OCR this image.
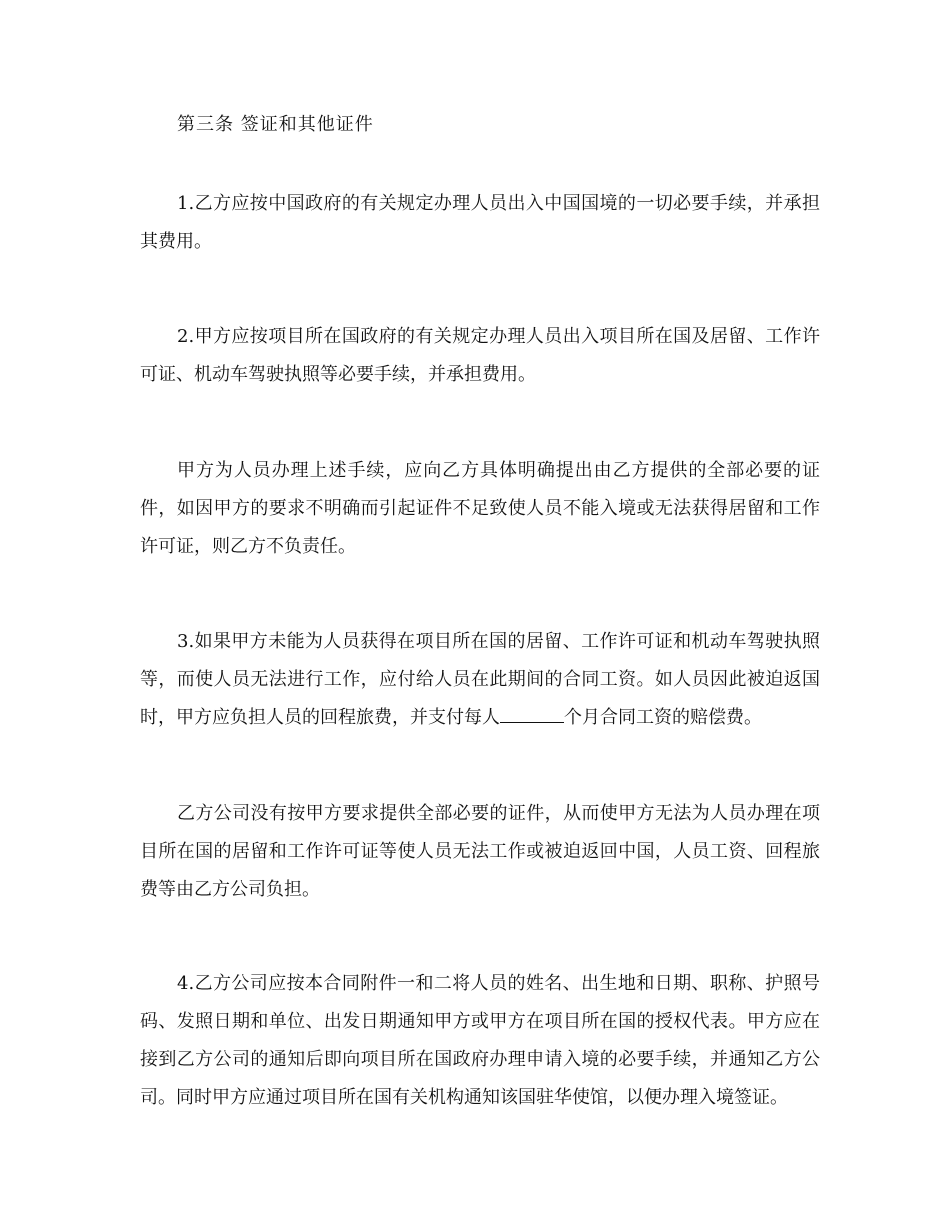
第三条 签证和其他证件

1.乙方应按中国政府的有关规定办理人员出入中国国境的一切必要手续，并承担其费用。

2.甲方应按项目所在国政府的有关规定办理人员出入项目所在国及居留、工作许可证、机动车驾驶执照等必要手续，并承担费用。

甲方为人员办理上述手续，应向乙方具体明确提出由乙方提供的全部必要的证件，如因甲方的要求不明确而引起证件不足致使人员不能入境或无法获得居留和工作许可证，则乙方不负责任。

3.如果甲方未能为人员获得在项目所在国的居留、工作许可证和机动车驾驶执照等，而使人员无法进行工作，应付给人员在此期间的合同工资。如人员因此被迫返国时，甲方应负担人员的回程旅费，并支付每人	个月合同工资的赔偿费。

乙方公司没有按甲方要求提供全部必要的证件，从而使甲方无法为人员办理在项目所在国的居留和工作许可证等使人员无法工作或被迫返回中国，人员工资、回程旅费等由乙方公司负担。

4.乙方公司应按本合同附件一和二将人员的姓名、出生地和日期、职称、护照号码、发照日期和单位、出发日期通知甲方或甲方在项目所在国的授权代表。甲方应在接到乙方公司的通知后即向项目所在国政府办理申请入境的必要手续，并通知乙方公司。同时甲方应通过项目所在国有关机构通知该国驻华使馆，以便办理入境签证。
